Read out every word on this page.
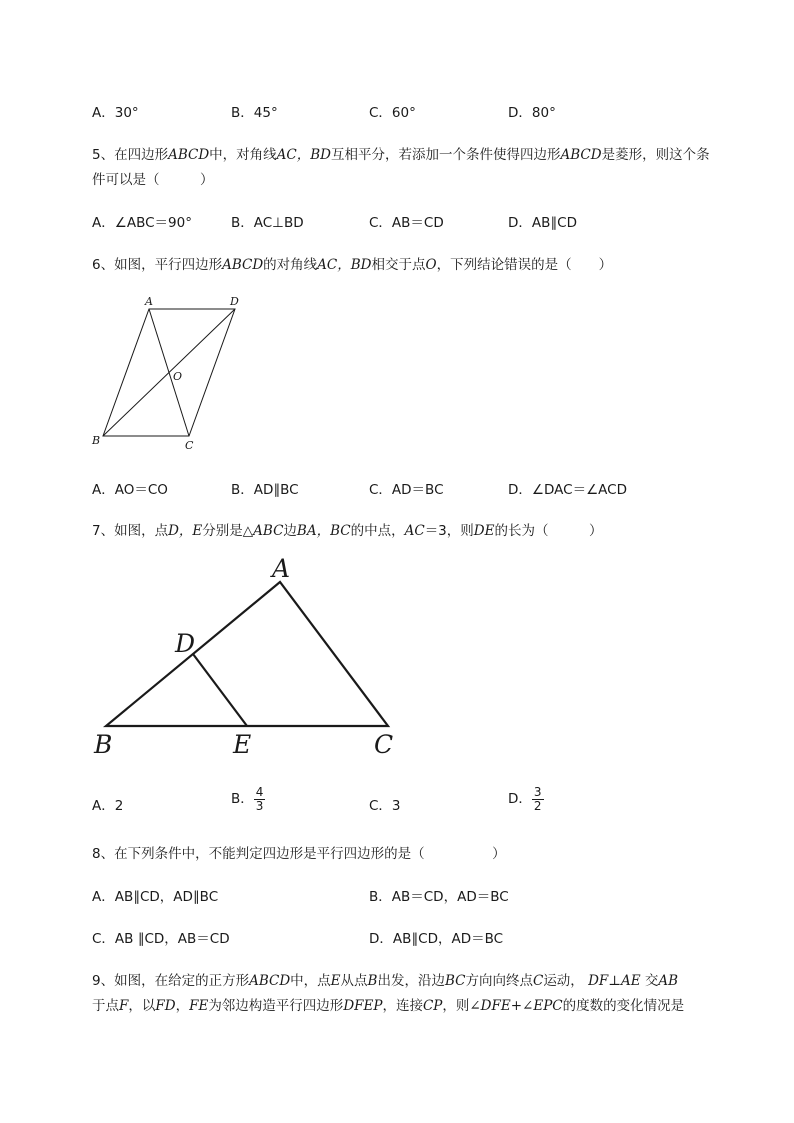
A．30°	B．45°	C．60°	D．80°
5、在四边形ABCD中，对角线AC，BD互相平分，若添加一个条件使得四边形ABCD是菱形，则这个条
件可以是（　　　）
A．∠ABC＝90°	B．AC⊥BD	C．AB＝CD	D．AB∥CD
6、如图，平行四边形ABCD的对角线AC，BD相交于点O，下列结论错误的是（　　）
A	D
B	C
O
A．AO＝CO	B．AD∥BC	C．AD＝BC	D．∠DAC＝∠ACD
7、如图，点D，E分别是△ABC边BA，BC的中点，AC＝3，则DE的长为（　　　）
A
D
B	E	C
A．2	B． $\frac{4}{3}$	C．3	D． $\frac{3}{2}$
8、在下列条件中，不能判定四边形是平行四边形的是（　　　　　）
A．AB∥CD，AD∥BC	B．AB＝CD，AD＝BC
C．AB ∥CD，AB＝CD	D．AB∥CD，AD＝BC
9、如图，在给定的正方形ABCD中，点E从点B出发，沿边BC方向向终点C运动， DF⊥AE 交AB
于点F，以FD，FE为邻边构造平行四边形DFEP，连接CP，则∠DFE+∠EPC的度数的变化情况是
